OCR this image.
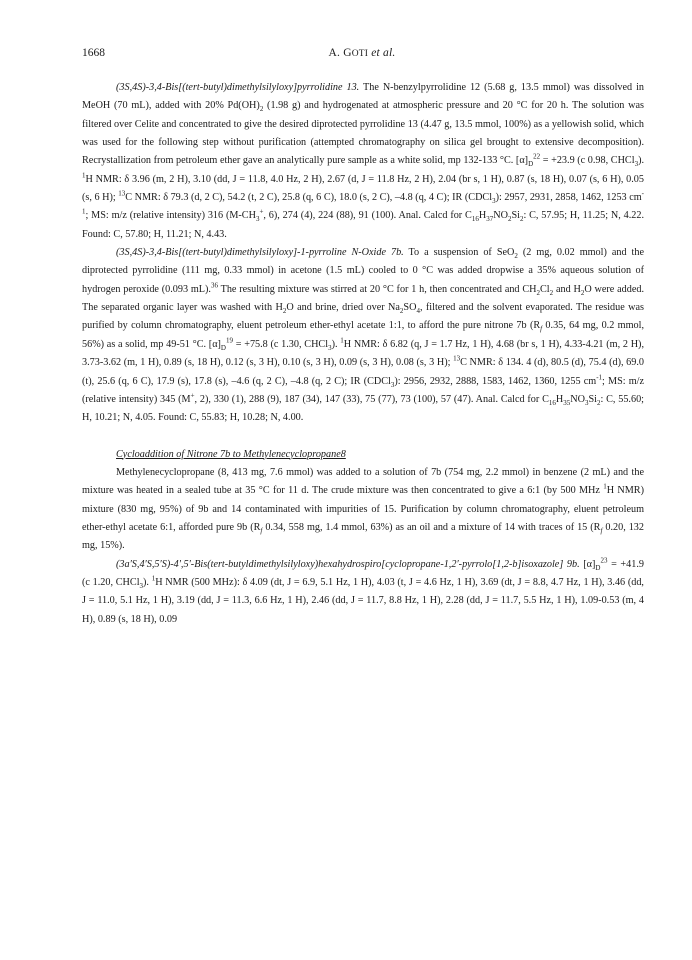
1668	A. GOTI et al.

(3S,4S)-3,4-Bis[(tert-butyl)dimethylsilyloxy]pyrrolidine 13. The N-benzylpyrrolidine 12 (5.68 g, 13.5 mmol) was dissolved in MeOH (70 mL), added with 20% $Pd(OH)_2$ (1.98 g) and hydrogenated at atmospheric pressure and 20 °C for 20 h. The solution was filtered over Celite and concentrated to give the desired diprotected pyrrolidine 13 (4.47 g, 13.5 mmol, 100%) as a yellowish solid, which was used for the following step without purification (attempted chromatography on silica gel brought to extensive decomposition). Recrystallization from petroleum ether gave an analytically pure sample as a white solid, mp 132-133 °C. $[\alpha]_D^{22} = +23.9$ (c 0.98, CHCl$_3$). $^1$H NMR: δ 3.96 (m, 2 H), 3.10 (dd, J = 11.8, 4.0 Hz, 2 H), 2.67 (d, J = 11.8 Hz, 2 H), 2.04 (br s, 1 H), 0.87 (s, 18 H), 0.07 (s, 6 H), 0.05 (s, 6 H); $^{13}$C NMR: δ 79.3 (d, 2 C), 54.2 (t, 2 C), 25.8 (q, 6 C), 18.0 (s, 2 C), –4.8 (q, 4 C); IR (CDCl$_3$): 2957, 2931, 2858, 1462, 1253 $cm^{-1}$; MS: m/z (relative intensity) 316 ($M-CH_3^+$, 6), 274 (4), 224 (88), 91 (100). Anal. Calcd for $C_{16}H_{37}NO_2Si_2$: C, 57.95; H, 11.25; N, 4.22. Found: C, 57.80; H, 11.21; N, 4.43.

(3S,4S)-3,4-Bis[(tert-butyl)dimethylsilyloxy]-1-pyrroline N-Oxide 7b. To a suspension of SeO$_2$ (2 mg, 0.02 mmol) and the diprotected pyrrolidine (111 mg, 0.33 mmol) in acetone (1.5 mL) cooled to 0 °C was added dropwise a 35% aqueous solution of hydrogen peroxide (0.093 mL).$^{36}$ The resulting mixture was stirred at 20 °C for 1 h, then concentrated and $CH_2Cl_2$ and $H_2O$ were added. The separated organic layer was washed with $H_2O$ and brine, dried over $Na_2SO_4$, filtered and the solvent evaporated. The residue was purified by column chromatography, eluent petroleum ether-ethyl acetate 1:1, to afford the pure nitrone 7b ($R_f$ 0.35, 64 mg, 0.2 mmol, 56%) as a solid, mp 49-51 °C. $[\alpha]_D^{19} = +75.8$ (c 1.30, CHCl$_3$). $^1$H NMR: δ 6.82 (q, J = 1.7 Hz, 1 H), 4.68 (br s, 1 H), 4.33-4.21 (m, 2 H), 3.73-3.62 (m, 1 H), 0.89 (s, 18 H), 0.12 (s, 3 H), 0.10 (s, 3 H), 0.09 (s, 3 H), 0.08 (s, 3 H); $^{13}$C NMR: δ 134. 4 (d), 80.5 (d), 75.4 (d), 69.0 (t), 25.6 (q, 6 C), 17.9 (s), 17.8 (s), –4.6 (q, 2 C), –4.8 (q, 2 C); IR (CDCl$_3$): 2956, 2932, 2888, 1583, 1462, 1360, 1255 $cm^{-1}$; MS: m/z (relative intensity) 345 (M+, 2), 330 (1), 288 (9), 187 (34), 147 (33), 75 (77), 73 (100), 57 (47). Anal. Calcd for $C_{16}H_{35}NO_3Si_2$: C, 55.60; H, 10.21; N, 4.05. Found: C, 55.83; H, 10.28; N, 4.00.

Cycloaddition of Nitrone 7b to Methylenecyclopropane8

Methylenecyclopropane (8, 413 mg, 7.6 mmol) was added to a solution of 7b (754 mg, 2.2 mmol) in benzene (2 mL) and the mixture was heated in a sealed tube at 35 °C for 11 d. The crude mixture was then concentrated to give a 6:1 (by 500 MHz $^1$H NMR) mixture (830 mg, 95%) of 9b and 14 contaminated with impurities of 15. Purification by column chromatography, eluent petroleum ether-ethyl acetate 6:1, afforded pure 9b ($R_f$ 0.34, 558 mg, 1.4 mmol, 63%) as an oil and a mixture of 14 with traces of 15 ($R_f$ 0.20, 132 mg, 15%).

(3a′S,4′S,5′S)-4′,5′-Bis(tert-butyldimethylsilyloxy)hexahydrospiro[cyclopropane-1,2′-pyrrolo[1,2-b]isoxazole] 9b. $[\alpha]_D^{23} = +41.9$ (c 1.20, CHCl$_3$). $^1$H NMR (500 MHz): δ 4.09 (dt, J = 6.9, 5.1 Hz, 1 H), 4.03 (t, J = 4.6 Hz, 1 H), 3.69 (dt, J = 8.8, 4.7 Hz, 1 H), 3.46 (dd, J = 11.0, 5.1 Hz, 1 H), 3.19 (dd, J = 11.3, 6.6 Hz, 1 H), 2.46 (dd, J = 11.7, 8.8 Hz, 1 H), 2.28 (dd, J = 11.7, 5.5 Hz, 1 H), 1.09-0.53 (m, 4 H), 0.89 (s, 18 H), 0.09
